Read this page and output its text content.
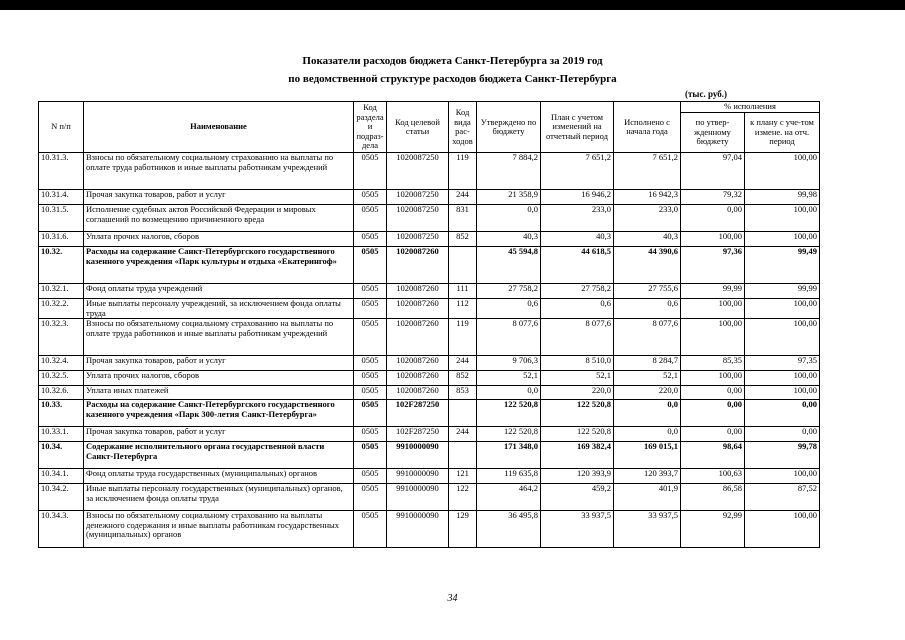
Показатели расходов бюджета Санкт-Петербурга за 2019 год
по ведомственной структуре расходов бюджета Санкт-Петербурга
(тыс. руб.)
N п/п	Наименование	Код раздела и подраз-дела	Код целевой статьи	Код вида рас-ходов	Утверждено по бюджету	План с учетом изменений на отчетный период	Исполнено с начала года	% исполнения	
								по утвер-жденному бюджету	к плану с уче-том измене. на отч. период
10.31.3.	Взносы по обязательному социальному страхованию на выплаты по оплате труда работников и иные выплаты работникам учреждений	0505	1020087250	119	7 884,2	7 651,2	7 651,2	97,04	100,00
10.31.4.	Прочая закупка товаров, работ и услуг	0505	1020087250	244	21 358,9	16 946,2	16 942,3	79,32	99,98
10.31.5.	Исполнение судебных актов Российской Федерации и мировых соглашений по возмещению причиненного вреда	0505	1020087250	831	0,0	233,0	233,0	0,00	100,00
10.31.6.	Уплата прочих налогов, сборов	0505	1020087250	852	40,3	40,3	40,3	100,00	100,00
10.32.	Расходы на содержание Санкт-Петербургского государственного казенного учреждения «Парк культуры и отдыха «Екатерингоф»	0505	1020087260		45 594,8	44 618,5	44 390,6	97,36	99,49
10.32.1.	Фонд оплаты труда учреждений	0505	1020087260	111	27 758,2	27 758,2	27 755,6	99,99	99,99
10.32.2.	Иные выплаты персоналу учреждений, за исключением фонда оплаты труда	0505	1020087260	112	0,6	0,6	0,6	100,00	100,00
10.32.3.	Взносы по обязательному социальному страхованию на выплаты по оплате труда работников и иные выплаты работникам учреждений	0505	1020087260	119	8 077,6	8 077,6	8 077,6	100,00	100,00
10.32.4.	Прочая закупка товаров, работ и услуг	0505	1020087260	244	9 706,3	8 510,0	8 284,7	85,35	97,35
10.32.5.	Уплата прочих налогов, сборов	0505	1020087260	852	52,1	52,1	52,1	100,00	100,00
10.32.6.	Уплата иных платежей	0505	1020087260	853	0,0	220,0	220,0	0,00	100,00
10.33.	Расходы на содержание Санкт-Петербургского государственного казенного учреждения «Парк 300-летия Санкт-Петербурга»	0505	102F287250		122 520,8	122 520,8	0,0	0,00	0,00
10.33.1.	Прочая закупка товаров, работ и услуг	0505	102F287250	244	122 520,8	122 520,8	0,0	0,00	0,00
10.34.	Содержание исполнительного органа государственной власти Санкт-Петербурга	0505	9910000090		171 348,0	169 382,4	169 015,1	98,64	99,78
10.34.1.	Фонд оплаты труда государственных (муниципальных) органов	0505	9910000090	121	119 635,8	120 393,9	120 393,7	100,63	100,00
10.34.2.	Иные выплаты персоналу государственных (муниципальных) органов, за исключением фонда оплаты труда	0505	9910000090	122	464,2	459,2	401,9	86,58	87,52
10.34.3.	Взносы по обязательному социальному страхованию на выплаты денежного содержания и иные выплаты работникам государственных (муниципальных) органов	0505	9910000090	129	36 495,8	33 937,5	33 937,5	92,99	100,00
34
